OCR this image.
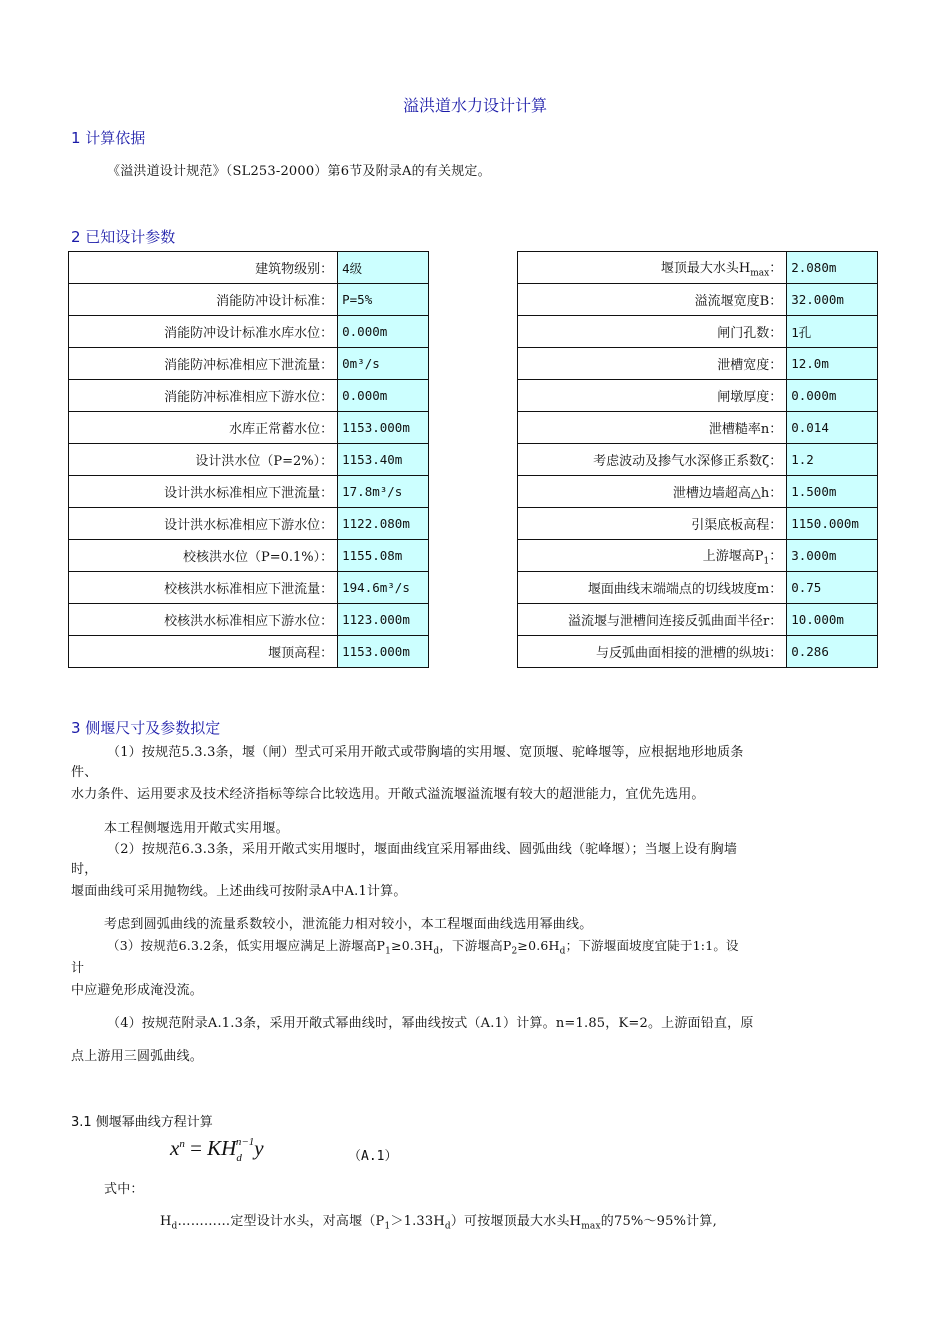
溢洪道水力设计计算
1 计算依据
《溢洪道设计规范》（SL253-2000）第6节及附录A的有关规定。
2 已知设计参数
建筑物级别：	4级
消能防冲设计标准：	P=5%
消能防冲设计标准水库水位：	0.000m
消能防冲标准相应下泄流量：	0m³/s
消能防冲标准相应下游水位：	0.000m
水库正常蓄水位：	1153.000m
设计洪水位（P=2%）：	1153.40m
设计洪水标准相应下泄流量：	17.8m³/s
设计洪水标准相应下游水位：	1122.080m
校核洪水位（P=0.1%）：	1155.08m
校核洪水标准相应下泄流量：	194.6m³/s
校核洪水标准相应下游水位：	1123.000m
堰顶高程：	1153.000m
堰顶最大水头$H_{max}$：	2.080m
溢流堰宽度B：	32.000m
闸门孔数：	1孔
泄槽宽度：	12.0m
闸墩厚度：	0.000m
泄槽糙率n：	0.014
考虑波动及掺气水深修正系数ζ：	1.2
泄槽边墙超高△h：	1.500m
引渠底板高程：	1150.000m
上游堰高$P_1$：	3.000m
堰面曲线末端端点的切线坡度m：	0.75
溢流堰与泄槽间连接反弧曲面半径r：	10.000m
与反弧曲面相接的泄槽的纵坡i：	0.286
3 侧堰尺寸及参数拟定
（1）按规范5.3.3条，堰（闸）型式可采用开敞式或带胸墙的实用堰、宽顶堰、驼峰堰等，应根据地形地质条
件、
水力条件、运用要求及技术经济指标等综合比较选用。开敞式溢流堰溢流堰有较大的超泄能力，宜优先选用。
本工程侧堰选用开敞式实用堰。
（2）按规范6.3.3条，采用开敞式实用堰时，堰面曲线宜采用幂曲线、圆弧曲线（驼峰堰）；当堰上设有胸墙
时，
堰面曲线可采用抛物线。上述曲线可按附录A中A.1计算。
考虑到圆弧曲线的流量系数较小，泄流能力相对较小，本工程堰面曲线选用幂曲线。
（3）按规范6.3.2条，低实用堰应满足上游堰高$P_1\ge 0.3H_d$，下游堰高$P_2\ge 0.6H_d$；下游堰面坡度宜陡于1:1。设
计
中应避免形成淹没流。
（4）按规范附录A.1.3条，采用开敞式幂曲线时，幂曲线按式（A.1）计算。n=1.85，K=2。上游面铅直，原
点上游用三圆弧曲线。
3.1 侧堰幂曲线方程计算
$x^n = KH_d^{n-1}y$	（A.1）
式中：
$H_d\dots\dots\dots\dots$定型设计水头，对高堰$(P_1>1.33H_d)$可按堰顶最大水头$H_{max}$的75%～95%计算,
